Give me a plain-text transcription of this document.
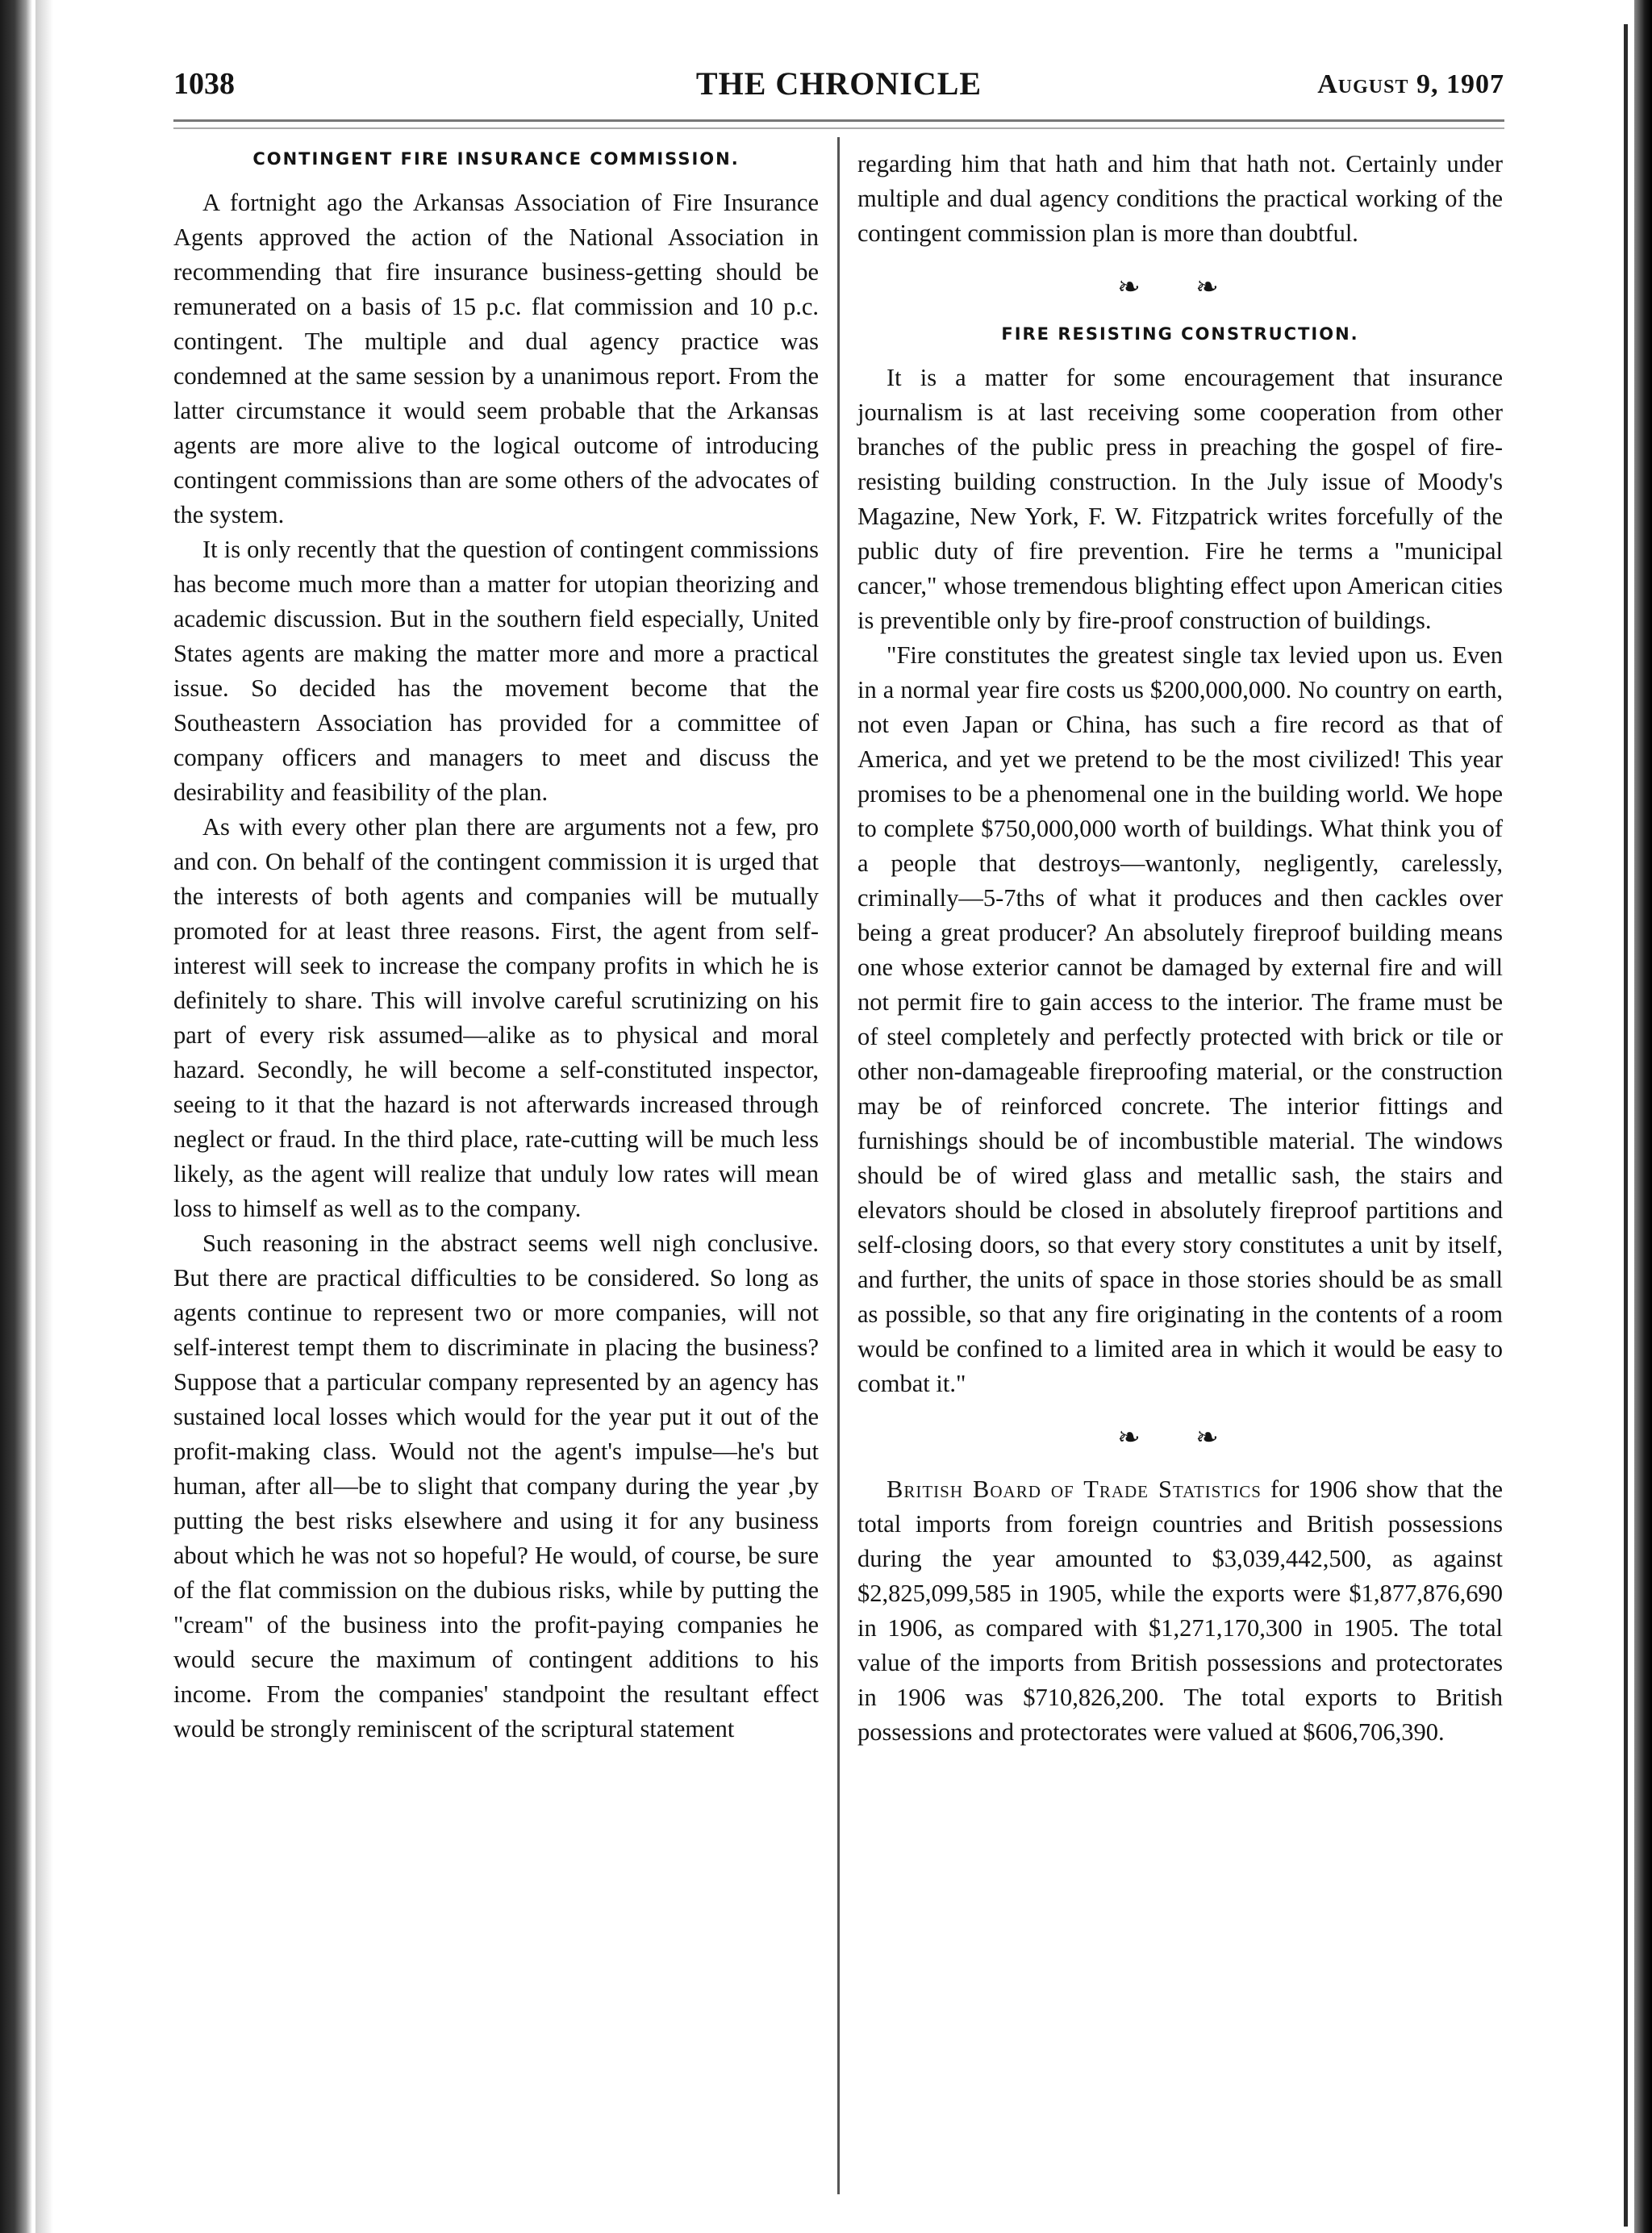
1038	THE CHRONICLE	August 9, 1907
CONTINGENT FIRE INSURANCE COMMISSION.

A fortnight ago the Arkansas Association of Fire Insurance Agents approved the action of the National Association in recommending that fire insurance business-getting should be remunerated on a basis of 15 p.c. flat commission and 10 p.c. contingent. The multiple and dual agency practice was condemned at the same session by a unanimous report. From the latter circumstance it would seem probable that the Arkansas agents are more alive to the logical outcome of introducing contingent commissions than are some others of the advocates of the system.

It is only recently that the question of contingent commissions has become much more than a matter for utopian theorizing and academic discussion. But in the southern field especially, United States agents are making the matter more and more a practical issue. So decided has the movement become that the Southeastern Association has provided for a committee of company officers and managers to meet and discuss the desirability and feasibility of the plan.

As with every other plan there are arguments not a few, pro and con. On behalf of the contingent commission it is urged that the interests of both agents and companies will be mutually promoted for at least three reasons. First, the agent from self-interest will seek to increase the company profits in which he is definitely to share. This will involve careful scrutinizing on his part of every risk assumed—alike as to physical and moral hazard. Secondly, he will become a self-constituted inspector, seeing to it that the hazard is not afterwards increased through neglect or fraud. In the third place, rate-cutting will be much less likely, as the agent will realize that unduly low rates will mean loss to himself as well as to the company.

Such reasoning in the abstract seems well nigh conclusive. But there are practical difficulties to be considered. So long as agents continue to represent two or more companies, will not self-interest tempt them to discriminate in placing the business? Suppose that a particular company represented by an agency has sustained local losses which would for the year put it out of the profit-making class. Would not the agent's impulse—he's but human, after all—be to slight that company during the year ,by putting the best risks elsewhere and using it for any business about which he was not so hopeful? He would, of course, be sure of the flat commission on the dubious risks, while by putting the "cream" of the business into the profit-paying companies he would secure the maximum of contingent additions to his income. From the companies' standpoint the resultant effect would be strongly reminiscent of the scriptural statement

regarding him that hath and him that hath not. Certainly under multiple and dual agency conditions the practical working of the contingent commission plan is more than doubtful.

❧ ❧
FIRE RESISTING CONSTRUCTION.

It is a matter for some encouragement that insurance journalism is at last receiving some cooperation from other branches of the public press in preaching the gospel of fire-resisting building construction. In the July issue of Moody's Magazine, New York, F. W. Fitzpatrick writes forcefully of the public duty of fire prevention. Fire he terms a "municipal cancer," whose tremendous blighting effect upon American cities is preventible only by fire-proof construction of buildings.

"Fire constitutes the greatest single tax levied upon us. Even in a normal year fire costs us $200,000,000. No country on earth, not even Japan or China, has such a fire record as that of America, and yet we pretend to be the most civilized! This year promises to be a phenomenal one in the building world. We hope to complete $750,000,000 worth of buildings. What think you of a people that destroys—wantonly, negligently, carelessly, criminally—5-7ths of what it produces and then cackles over being a great producer? An absolutely fireproof building means one whose exterior cannot be damaged by external fire and will not permit fire to gain access to the interior. The frame must be of steel completely and perfectly protected with brick or tile or other non-damageable fireproofing material, or the construction may be of reinforced concrete. The interior fittings and furnishings should be of incombustible material. The windows should be of wired glass and metallic sash, the stairs and elevators should be closed in absolutely fireproof partitions and self-closing doors, so that every story constitutes a unit by itself, and further, the units of space in those stories should be as small as possible, so that any fire originating in the contents of a room would be confined to a limited area in which it would be easy to combat it."

❧ ❧

British Board of Trade Statistics for 1906 show that the total imports from foreign countries and British possessions during the year amounted to $3,039,442,500, as against $2,825,099,585 in 1905, while the exports were $1,877,876,690 in 1906, as compared with $1,271,170,300 in 1905. The total value of the imports from British possessions and protectorates in 1906 was $710,826,200. The total exports to British possessions and protectorates were valued at $606,706,390.
